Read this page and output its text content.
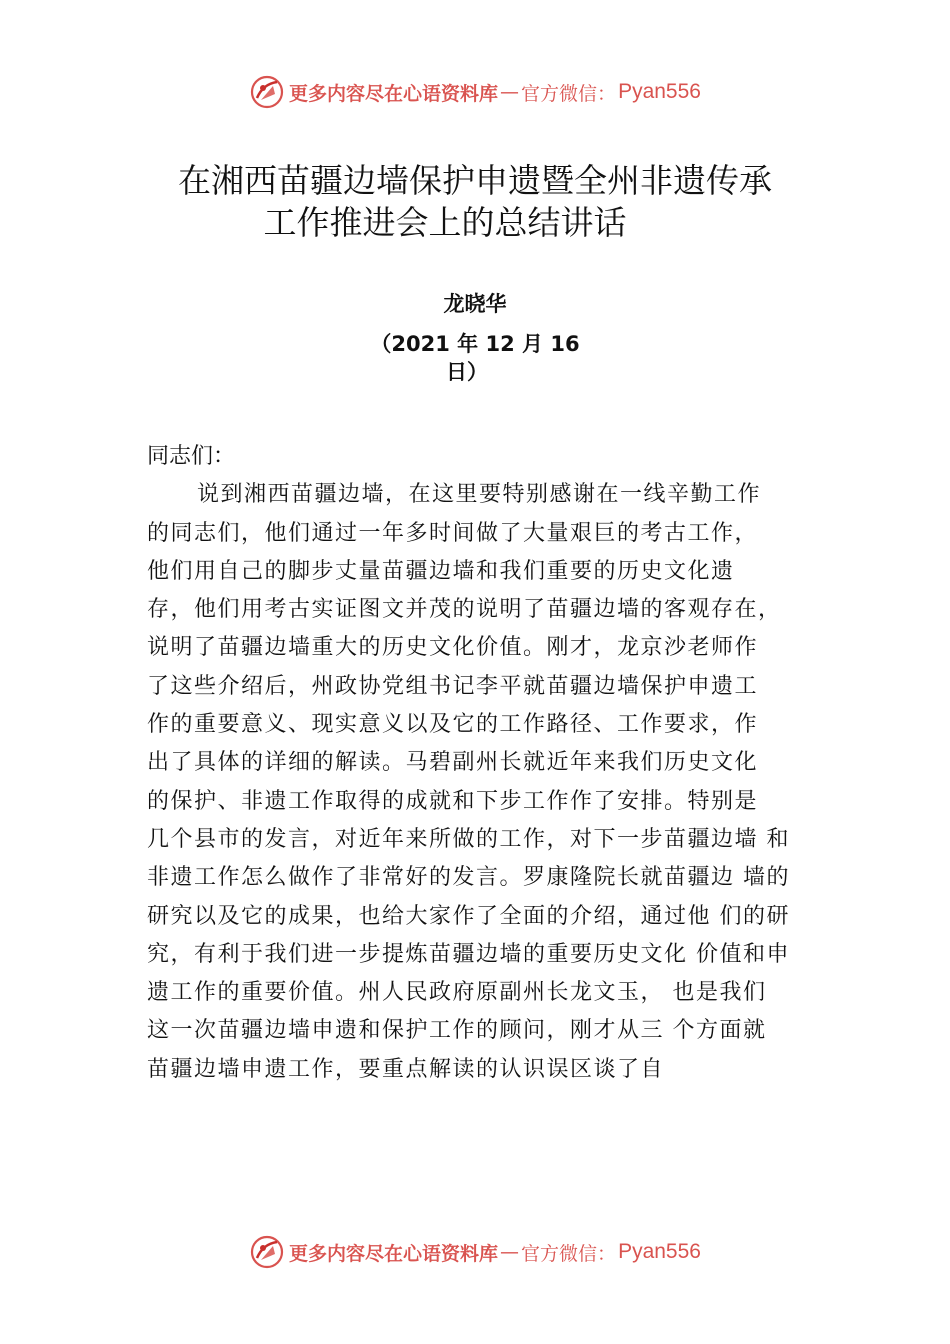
更多内容尽在心语资料库 — 官方微信： Pyan556
在湘西苗疆边墙保护申遗暨全州非遗传承
工作推进会上的总结讲话
龙晓华
（2021 年 12 月 16
日）
同志们：
说到湘西苗疆边墙，在这里要特别感谢在一线辛勤工作
的同志们，他们通过一年多时间做了大量艰巨的考古工作，
他们用自己的脚步丈量苗疆边墙和我们重要的历史文化遗
存，他们用考古实证图文并茂的说明了苗疆边墙的客观存在，
说明了苗疆边墙重大的历史文化价值。刚才，龙京沙老师作
了这些介绍后，州政协党组书记李平就苗疆边墙保护申遗工
作的重要意义、现实意义以及它的工作路径、工作要求，作
出了具体的详细的解读。马碧副州长就近年来我们历史文化
的保护、非遗工作取得的成就和下步工作作了安排。特别是
几个县市的发言，对近年来所做的工作，对下一步苗疆边墙 和
非遗工作怎么做作了非常好的发言。罗康隆院长就苗疆边 墙的
研究以及它的成果，也给大家作了全面的介绍，通过他 们的研
究，有利于我们进一步提炼苗疆边墙的重要历史文化 价值和申
遗工作的重要价值。州人民政府原副州长龙文玉， 也是我们
这一次苗疆边墙申遗和保护工作的顾问，刚才从三 个方面就
苗疆边墙申遗工作，要重点解读的认识误区谈了自
更多内容尽在心语资料库 — 官方微信： Pyan556
